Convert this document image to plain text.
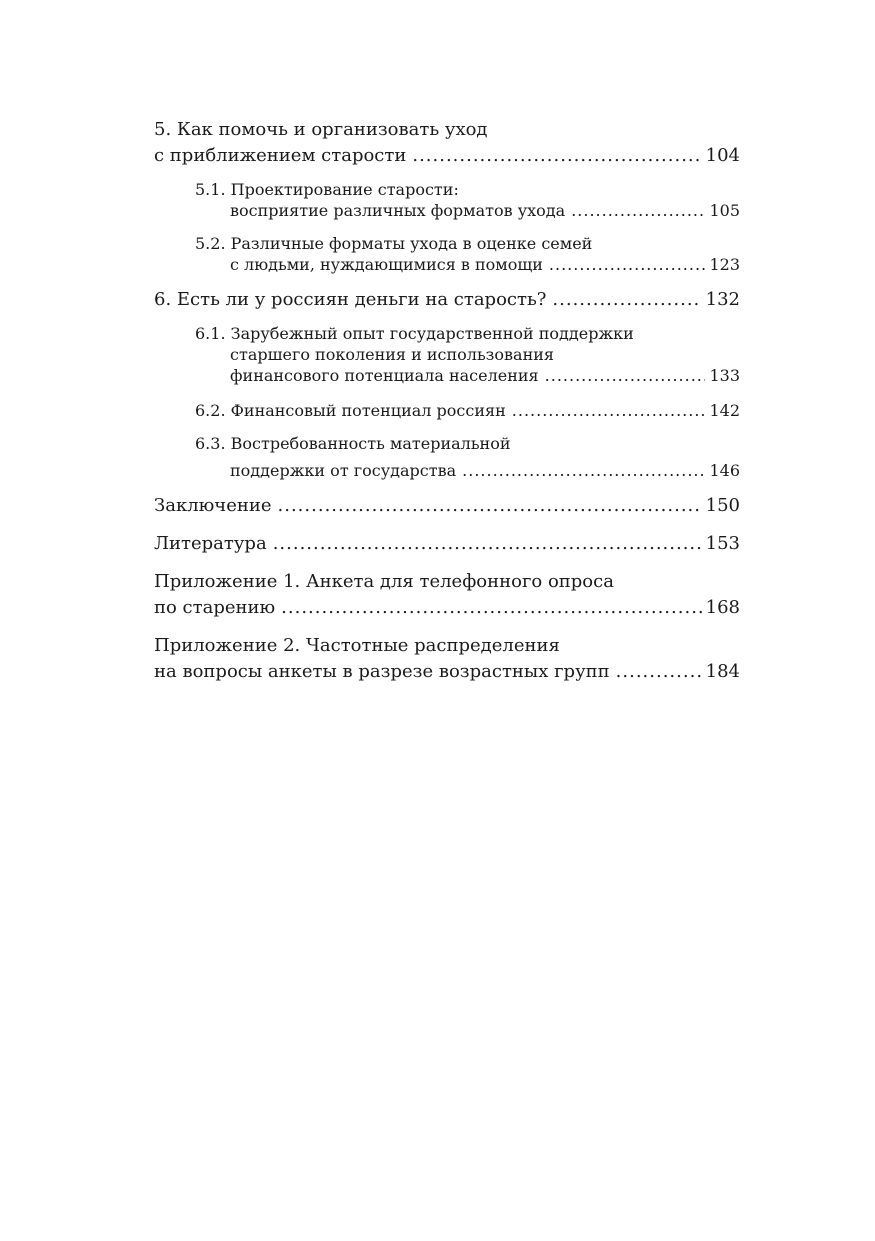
5. Как помочь и организовать уход
с приближением старости .....	104
5.1. Проектирование старости:
восприятие различных форматов ухода .....	105
5.2. Различные форматы ухода в оценке семей
с людьми, нуждающимися в помощи .....	123
6. Есть ли у россиян деньги на старость? .....	132
6.1. Зарубежный опыт государственной поддержки
старшего поколения и использования
финансового потенциала населения .....	133
6.2. Финансовый потенциал россиян .....	142
6.3. Востребованность материальной
поддержки от государства .....	146
Заключение .....	150
Литература .....	153
Приложение 1. Анкета для телефонного опроса
по старению .....	168
Приложение 2. Частотные распределения
на вопросы анкеты в разрезе возрастных групп .....	184
